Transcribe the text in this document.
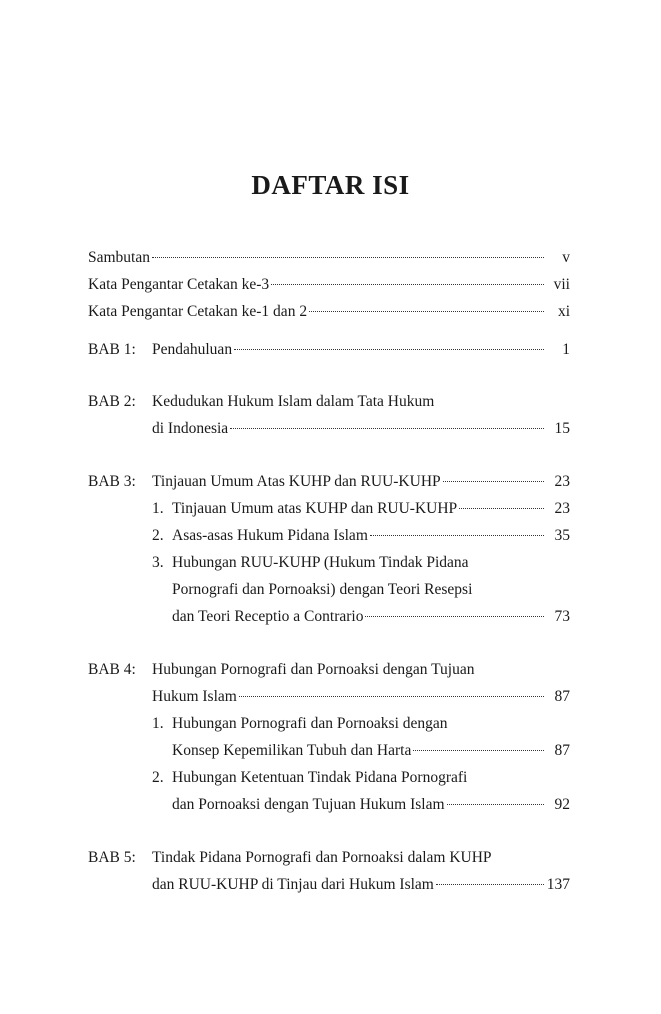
DAFTAR ISI
Sambutan	v
Kata Pengantar Cetakan ke-3	vii
Kata Pengantar Cetakan ke-1 dan 2	xi
BAB 1: Pendahuluan	1
BAB 2: Kedudukan Hukum Islam dalam Tata Hukum
di Indonesia	15
BAB 3: Tinjauan Umum Atas KUHP dan RUU-KUHP	23
1. Tinjauan Umum atas KUHP dan RUU-KUHP	23
2. Asas-asas Hukum Pidana Islam	35
3. Hubungan RUU-KUHP (Hukum Tindak Pidana
Pornografi dan Pornoaksi) dengan Teori Resepsi
dan Teori Receptio a Contrario	73
BAB 4: Hubungan Pornografi dan Pornoaksi dengan Tujuan
Hukum Islam	87
1. Hubungan Pornografi dan Pornoaksi dengan
Konsep Kepemilikan Tubuh dan Harta	87
2. Hubungan Ketentuan Tindak Pidana Pornografi
dan Pornoaksi dengan Tujuan Hukum Islam	92
BAB 5: Tindak Pidana Pornografi dan Pornoaksi dalam KUHP
dan RUU-KUHP di Tinjau dari Hukum Islam	137
